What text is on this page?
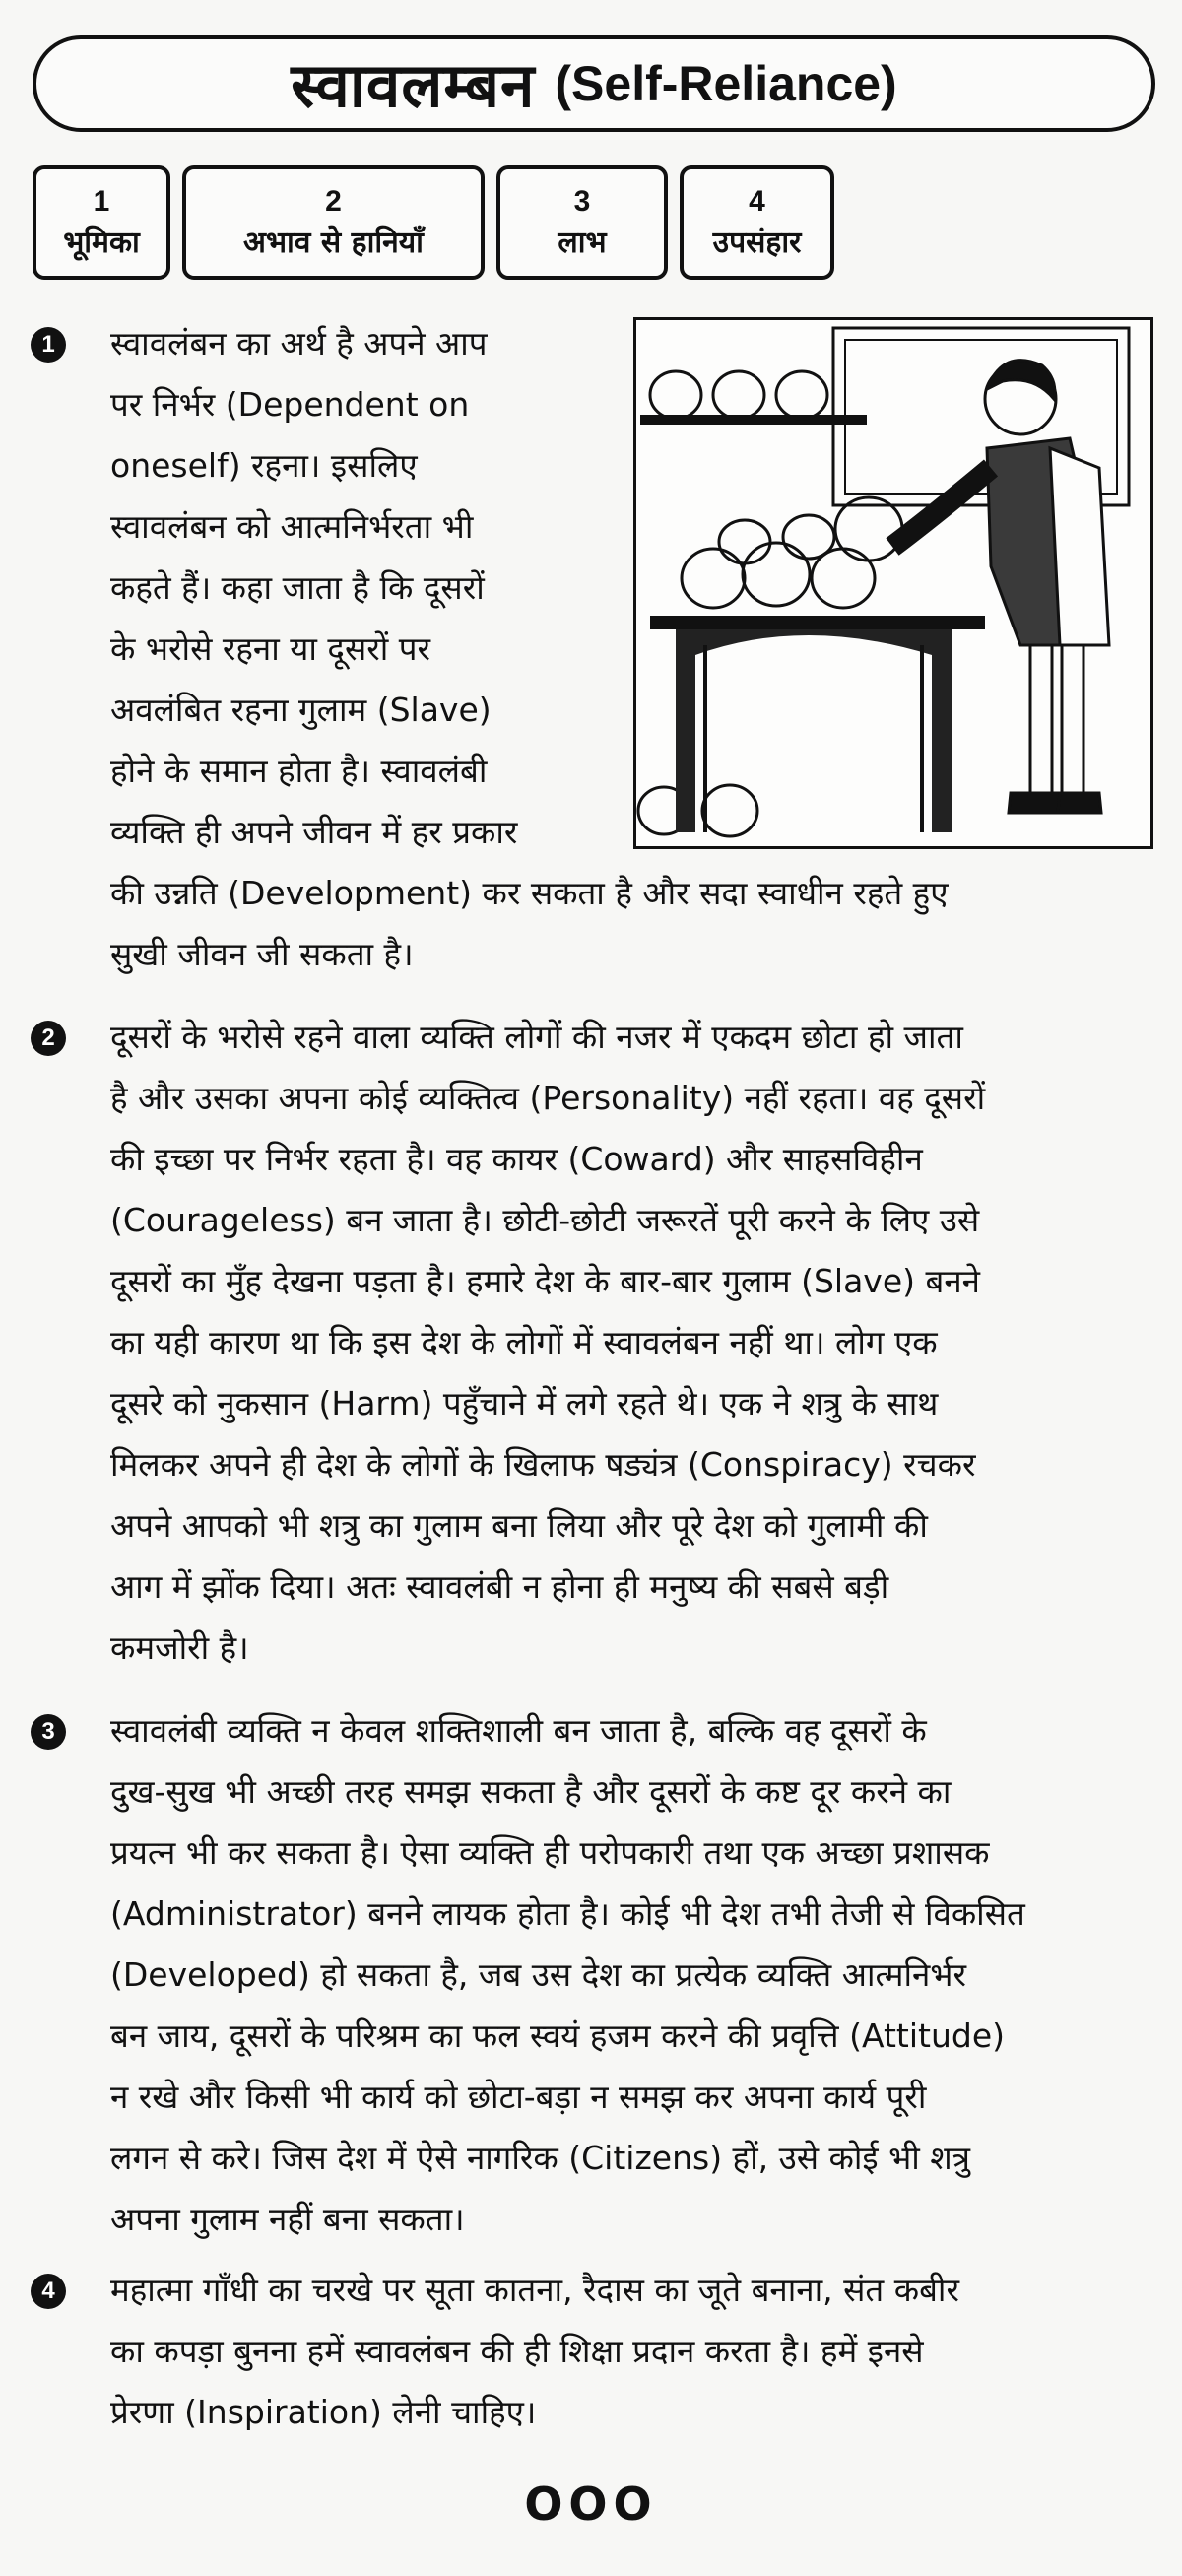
स्वावलम्बन (Self-Reliance)
1
भूमिका
2
अभाव से हानियाँ
3
लाभ
4
उपसंहार
1	स्वावलंबन का अर्थ है अपने आप
पर निर्भर (Dependent on
oneself) रहना। इसलिए
स्वावलंबन को आत्मनिर्भरता भी
कहते हैं। कहा जाता है कि दूसरों
के भरोसे रहना या दूसरों पर
अवलंबित रहना गुलाम (Slave)
होने के समान होता है। स्वावलंबी
व्यक्ति ही अपने जीवन में हर प्रकार
की उन्नति (Development) कर सकता है और सदा स्वाधीन रहते हुए
सुखी जीवन जी सकता है।
2	दूसरों के भरोसे रहने वाला व्यक्ति लोगों की नजर में एकदम छोटा हो जाता
है और उसका अपना कोई व्यक्तित्व (Personality) नहीं रहता। वह दूसरों
की इच्छा पर निर्भर रहता है। वह कायर (Coward) और साहसविहीन
(Courageless) बन जाता है। छोटी-छोटी जरूरतें पूरी करने के लिए उसे
दूसरों का मुँह देखना पड़ता है। हमारे देश के बार-बार गुलाम (Slave) बनने
का यही कारण था कि इस देश के लोगों में स्वावलंबन नहीं था। लोग एक
दूसरे को नुकसान (Harm) पहुँचाने में लगे रहते थे। एक ने शत्रु के साथ
मिलकर अपने ही देश के लोगों के खिलाफ षड्यंत्र (Conspiracy) रचकर
अपने आपको भी शत्रु का गुलाम बना लिया और पूरे देश को गुलामी की
आग में झोंक दिया। अतः स्वावलंबी न होना ही मनुष्य की सबसे बड़ी
कमजोरी है।
3	स्वावलंबी व्यक्ति न केवल शक्तिशाली बन जाता है, बल्कि वह दूसरों के
दुख-सुख भी अच्छी तरह समझ सकता है और दूसरों के कष्ट दूर करने का
प्रयत्न भी कर सकता है। ऐसा व्यक्ति ही परोपकारी तथा एक अच्छा प्रशासक
(Administrator) बनने लायक होता है। कोई भी देश तभी तेजी से विकसित
(Developed) हो सकता है, जब उस देश का प्रत्येक व्यक्ति आत्मनिर्भर
बन जाय, दूसरों के परिश्रम का फल स्वयं हजम करने की प्रवृत्ति (Attitude)
न रखे और किसी भी कार्य को छोटा-बड़ा न समझ कर अपना कार्य पूरी
लगन से करे। जिस देश में ऐसे नागरिक (Citizens) हों, उसे कोई भी शत्रु
अपना गुलाम नहीं बना सकता।
4	महात्मा गाँधी का चरखे पर सूता कातना, रैदास का जूते बनाना, संत कबीर
का कपड़ा बुनना हमें स्वावलंबन की ही शिक्षा प्रदान करता है। हमें इनसे
प्रेरणा (Inspiration) लेनी चाहिए।
OOO
